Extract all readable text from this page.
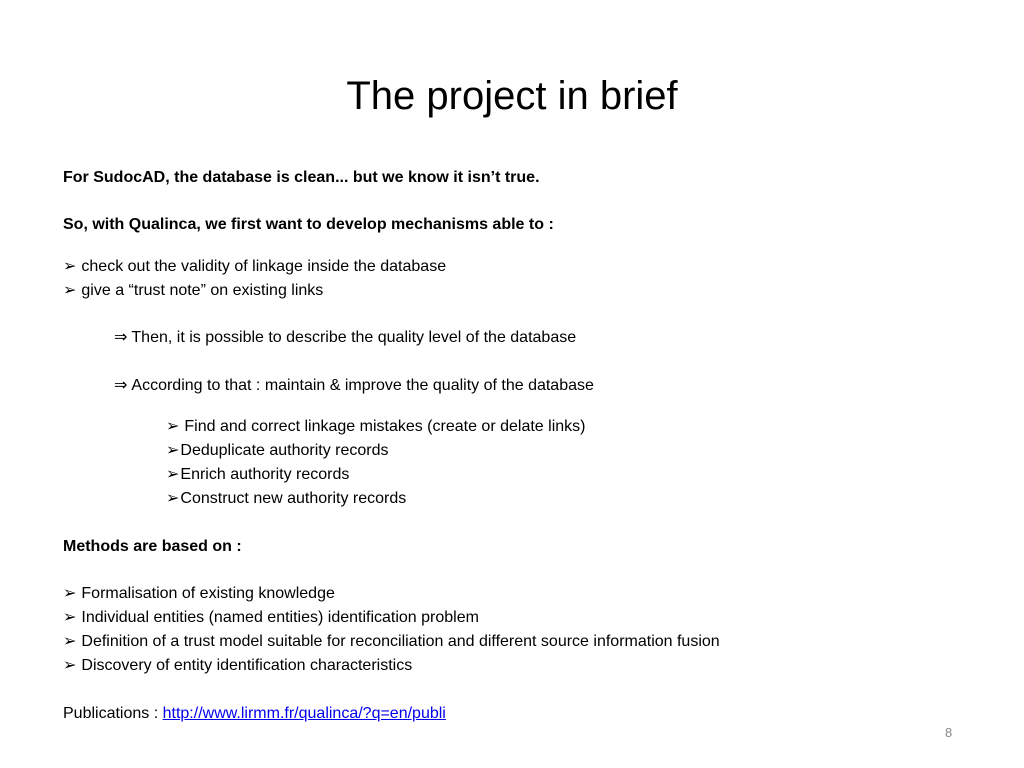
The project in brief
For SudocAD, the database is clean... but we know it isn’t true.
So, with Qualinca, we first want to develop mechanisms able to :
➢ check out the validity of linkage inside the database
➢ give a “trust note” on existing links
⇒ Then, it is possible to describe the quality level of the database
⇒ According to that : maintain & improve the quality of the database
➢ Find and correct linkage mistakes (create or delate links)
➢Deduplicate authority records
➢Enrich authority records
➢Construct new authority records
Methods are based on :
➢ Formalisation of existing knowledge
➢ Individual entities (named entities) identification problem
➢ Definition of a trust model suitable for reconciliation and different source information fusion
➢ Discovery of entity identification characteristics
Publications : http://www.lirmm.fr/qualinca/?q=en/publi
8
